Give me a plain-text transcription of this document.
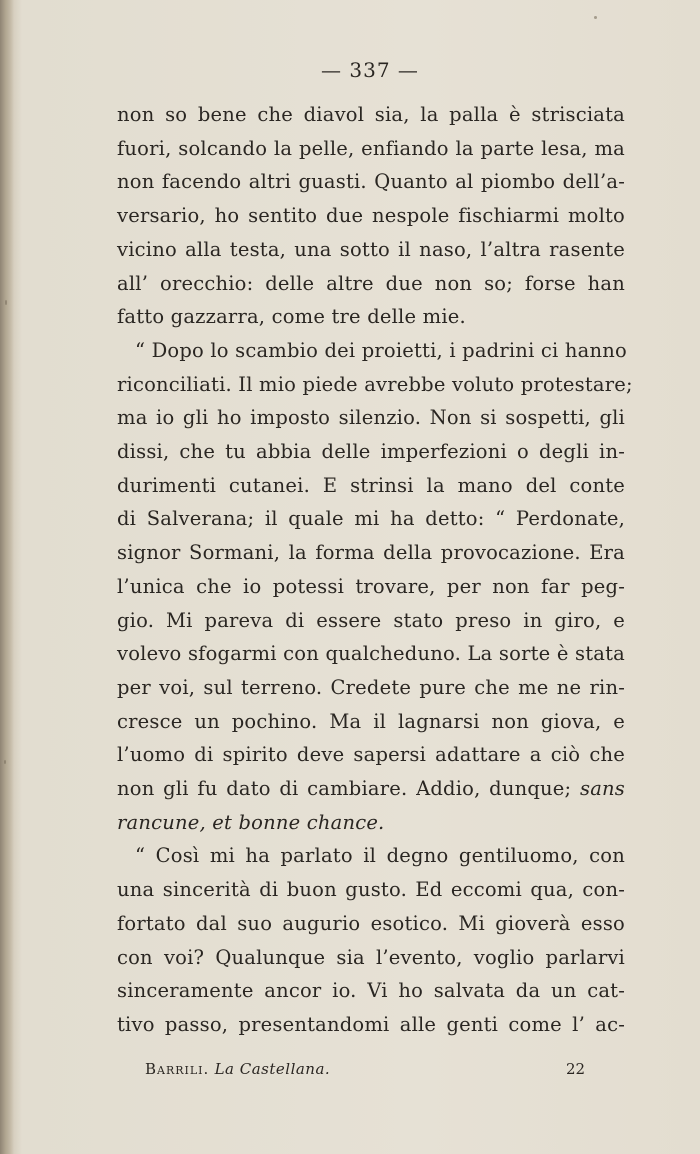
— 337 —
non so bene che diavol sia, la palla è strisciata
fuori, solcando la pelle, enfiando la parte lesa, ma
non facendo altri guasti. Quanto al piombo dell’a-
versario, ho sentito due nespole fischiarmi molto
vicino alla testa, una sotto il naso, l’altra rasente
all’ orecchio: delle altre due non so; forse han
fatto gazzarra, come tre delle mie.
“ Dopo lo scambio dei proietti, i padrini ci hanno
riconciliati. Il mio piede avrebbe voluto protestare;
ma io gli ho imposto silenzio. Non si sospetti, gli
dissi, che tu abbia delle imperfezioni o degli in-
durimenti cutanei. E strinsi la mano del conte
di Salverana; il quale mi ha detto: “ Perdonate,
signor Sormani, la forma della provocazione. Era
l’unica che io potessi trovare, per non far peg-
gio. Mi pareva di essere stato preso in giro, e
volevo sfogarmi con qualcheduno. La sorte è stata
per voi, sul terreno. Credete pure che me ne rin-
cresce un pochino. Ma il lagnarsi non giova, e
l’uomo di spirito deve sapersi adattare a ciò che
non gli fu dato di cambiare. Addio, dunque; sans
rancune, et bonne chance.
“ Così mi ha parlato il degno gentiluomo, con
una sincerità di buon gusto. Ed eccomi qua, con-
fortato dal suo augurio esotico. Mi gioverà esso
con voi? Qualunque sia l’evento, voglio parlarvi
sinceramente ancor io. Vi ho salvata da un cat-
tivo passo, presentandomi alle genti come l’ ac-
Barrili. La Castellana.	22
